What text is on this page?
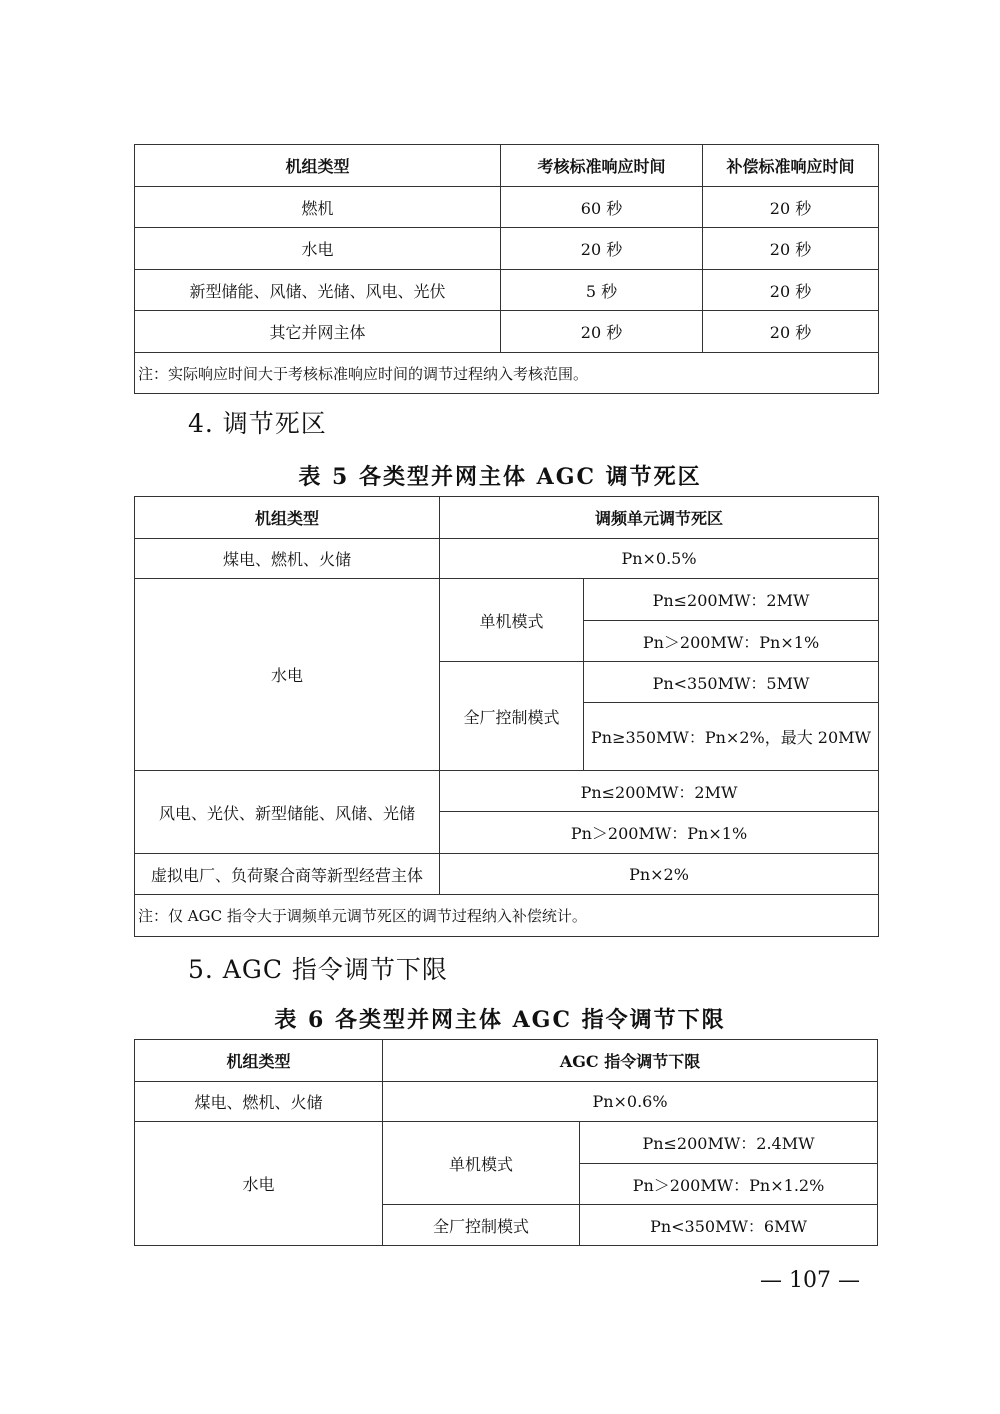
机组类型	考核标准响应时间	补偿标准响应时间
燃机	60 秒	20 秒
水电	20 秒	20 秒
新型储能、风储、光储、风电、光伏	5 秒	20 秒
其它并网主体	20 秒	20 秒
注：实际响应时间大于考核标准响应时间的调节过程纳入考核范围。		
4. 调节死区
表 5 各类型并网主体 AGC 调节死区
机组类型	调频单元调节死区	
煤电、燃机、火储	Pn×0.5%	
水电	单机模式	Pn≤200MW：2MW
		Pn＞200MW：Pn×1%
	全厂控制模式	Pn<350MW：5MW
		Pn≥350MW：Pn×2%，最大 20MW
风电、光伏、新型储能、风储、光储	Pn≤200MW：2MW	
	Pn＞200MW：Pn×1%	
虚拟电厂、负荷聚合商等新型经营主体	Pn×2%	
注：仅 AGC 指令大于调频单元调节死区的调节过程纳入补偿统计。		
5. AGC 指令调节下限
表 6 各类型并网主体 AGC 指令调节下限
机组类型	AGC 指令调节下限	
煤电、燃机、火储	Pn×0.6%	
水电	单机模式	Pn≤200MW：2.4MW
		Pn＞200MW：Pn×1.2%
	全厂控制模式	Pn<350MW：6MW
— 107 —
